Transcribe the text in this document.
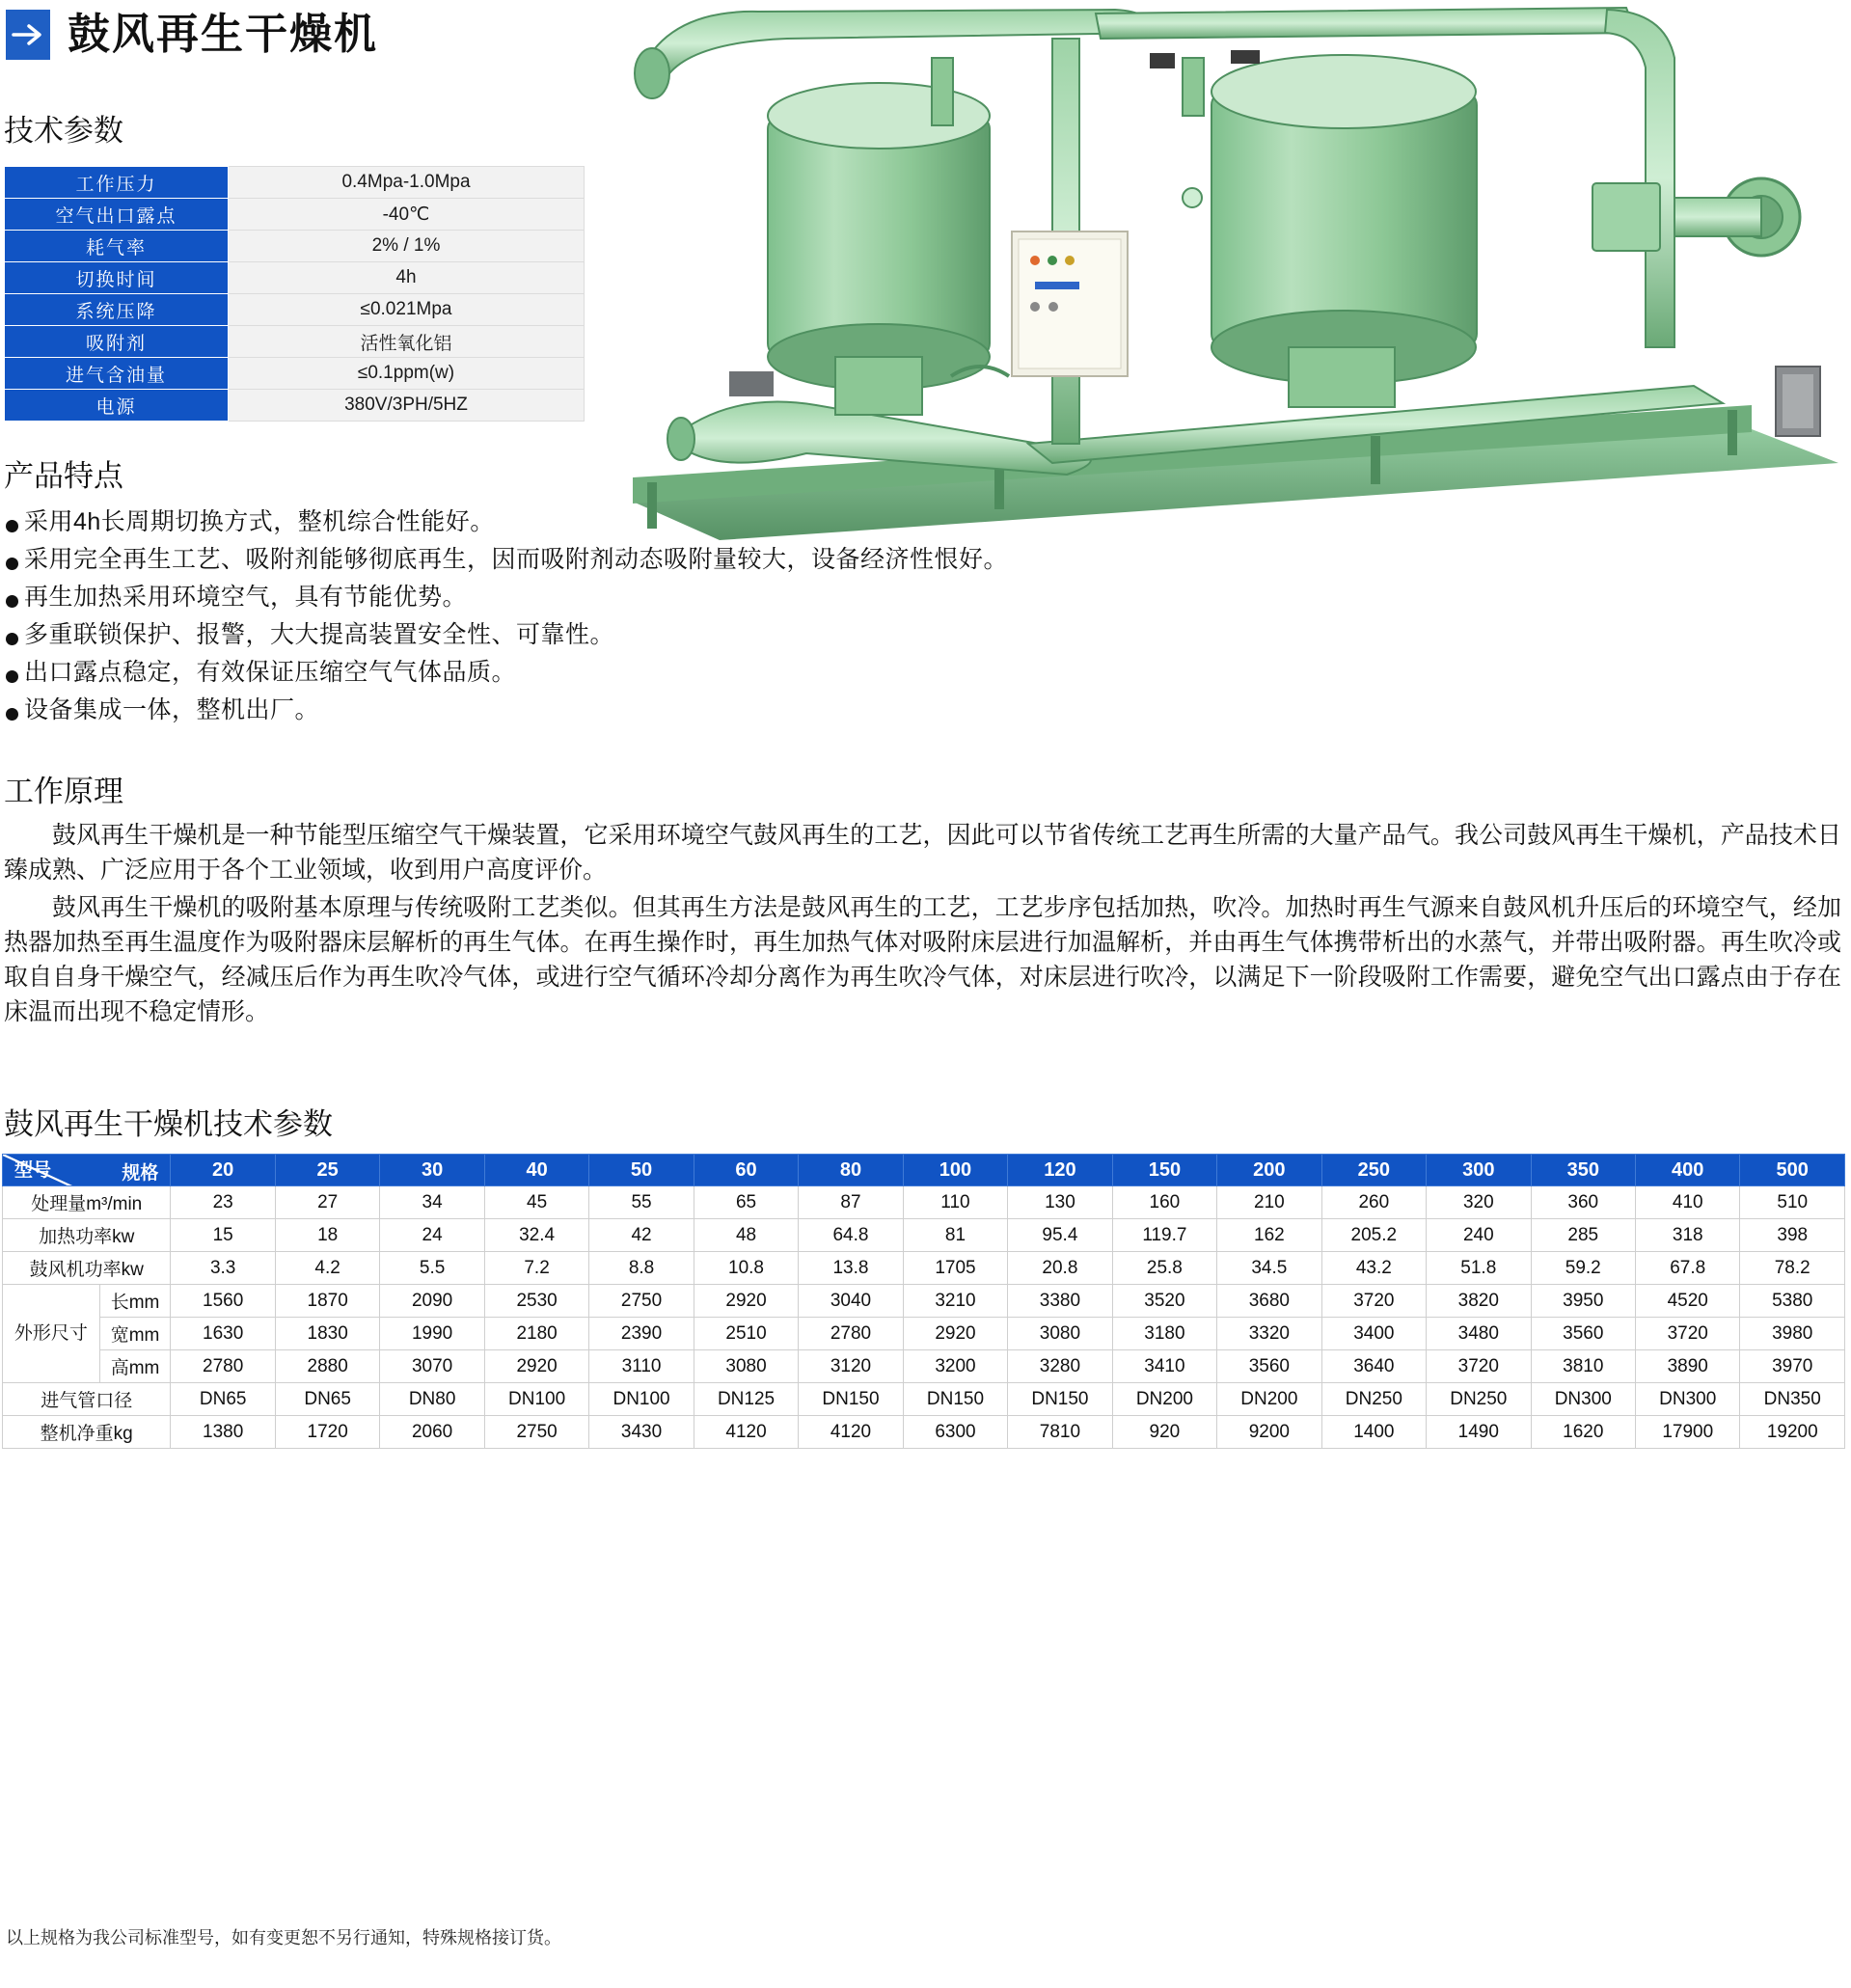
鼓风再生干燥机
技术参数
工作压力	0.4Mpa-1.0Mpa
空气出口露点	-40℃
耗气率	2% / 1%
切换时间	4h
系统压降	≤0.021Mpa
吸附剂	活性氧化铝
进气含油量	≤0.1ppm(w)
电源	380V/3PH/5HZ
产品特点
采用4h长周期切换方式，整机综合性能好。
采用完全再生工艺、吸附剂能够彻底再生，因而吸附剂动态吸附量较大，设备经济性恨好。
再生加热采用环境空气，具有节能优势。
多重联锁保护、报警，大大提高装置安全性、可靠性。
出口露点稳定，有效保证压缩空气气体品质。
设备集成一体，整机出厂。
工作原理

鼓风再生干燥机是一种节能型压缩空气干燥装置，它采用环境空气鼓风再生的工艺，因此可以节省传统工艺再生所需的大量产品气。我公司鼓风再生干燥机，产品技术日臻成熟、广泛应用于各个工业领域，收到用户高度评价。

鼓风再生干燥机的吸附基本原理与传统吸附工艺类似。但其再生方法是鼓风再生的工艺，工艺步序包括加热，吹冷。加热时再生气源来自鼓风机升压后的环境空气，经加热器加热至再生温度作为吸附器床层解析的再生气体。在再生操作时，再生加热气体对吸附床层进行加温解析，并由再生气体携带析出的水蒸气，并带出吸附器。再生吹冷或取自自身干燥空气，经减压后作为再生吹冷气体，或进行空气循环冷却分离作为再生吹冷气体，对床层进行吹冷，以满足下一阶段吸附工作需要，避免空气出口露点由于存在床温而出现不稳定情形。

鼓风再生干燥机技术参数
规格
型号		20	25	30	40	50	60	80	100	120	150	200	250	300	350	400	500
处理量m³/min		23	27	34	45	55	65	87	110	130	160	210	260	320	360	410	510
加热功率kw		15	18	24	32.4	42	48	64.8	81	95.4	119.7	162	205.2	240	285	318	398
鼓风机功率kw		3.3	4.2	5.5	7.2	8.8	10.8	13.8	1705	20.8	25.8	34.5	43.2	51.8	59.2	67.8	78.2
外形尺寸	长mm	1560	1870	2090	2530	2750	2920	3040	3210	3380	3520	3680	3720	3820	3950	4520	5380
	宽mm	1630	1830	1990	2180	2390	2510	2780	2920	3080	3180	3320	3400	3480	3560	3720	3980
	高mm	2780	2880	3070	2920	3110	3080	3120	3200	3280	3410	3560	3640	3720	3810	3890	3970
进气管口径		DN65	DN65	DN80	DN100	DN100	DN125	DN150	DN150	DN150	DN200	DN200	DN250	DN250	DN300	DN300	DN350
整机净重kg		1380	1720	2060	2750	3430	4120	4120	6300	7810	920	9200	1400	1490	1620	17900	19200
以上规格为我公司标准型号，如有变更恕不另行通知，特殊规格接订货。
